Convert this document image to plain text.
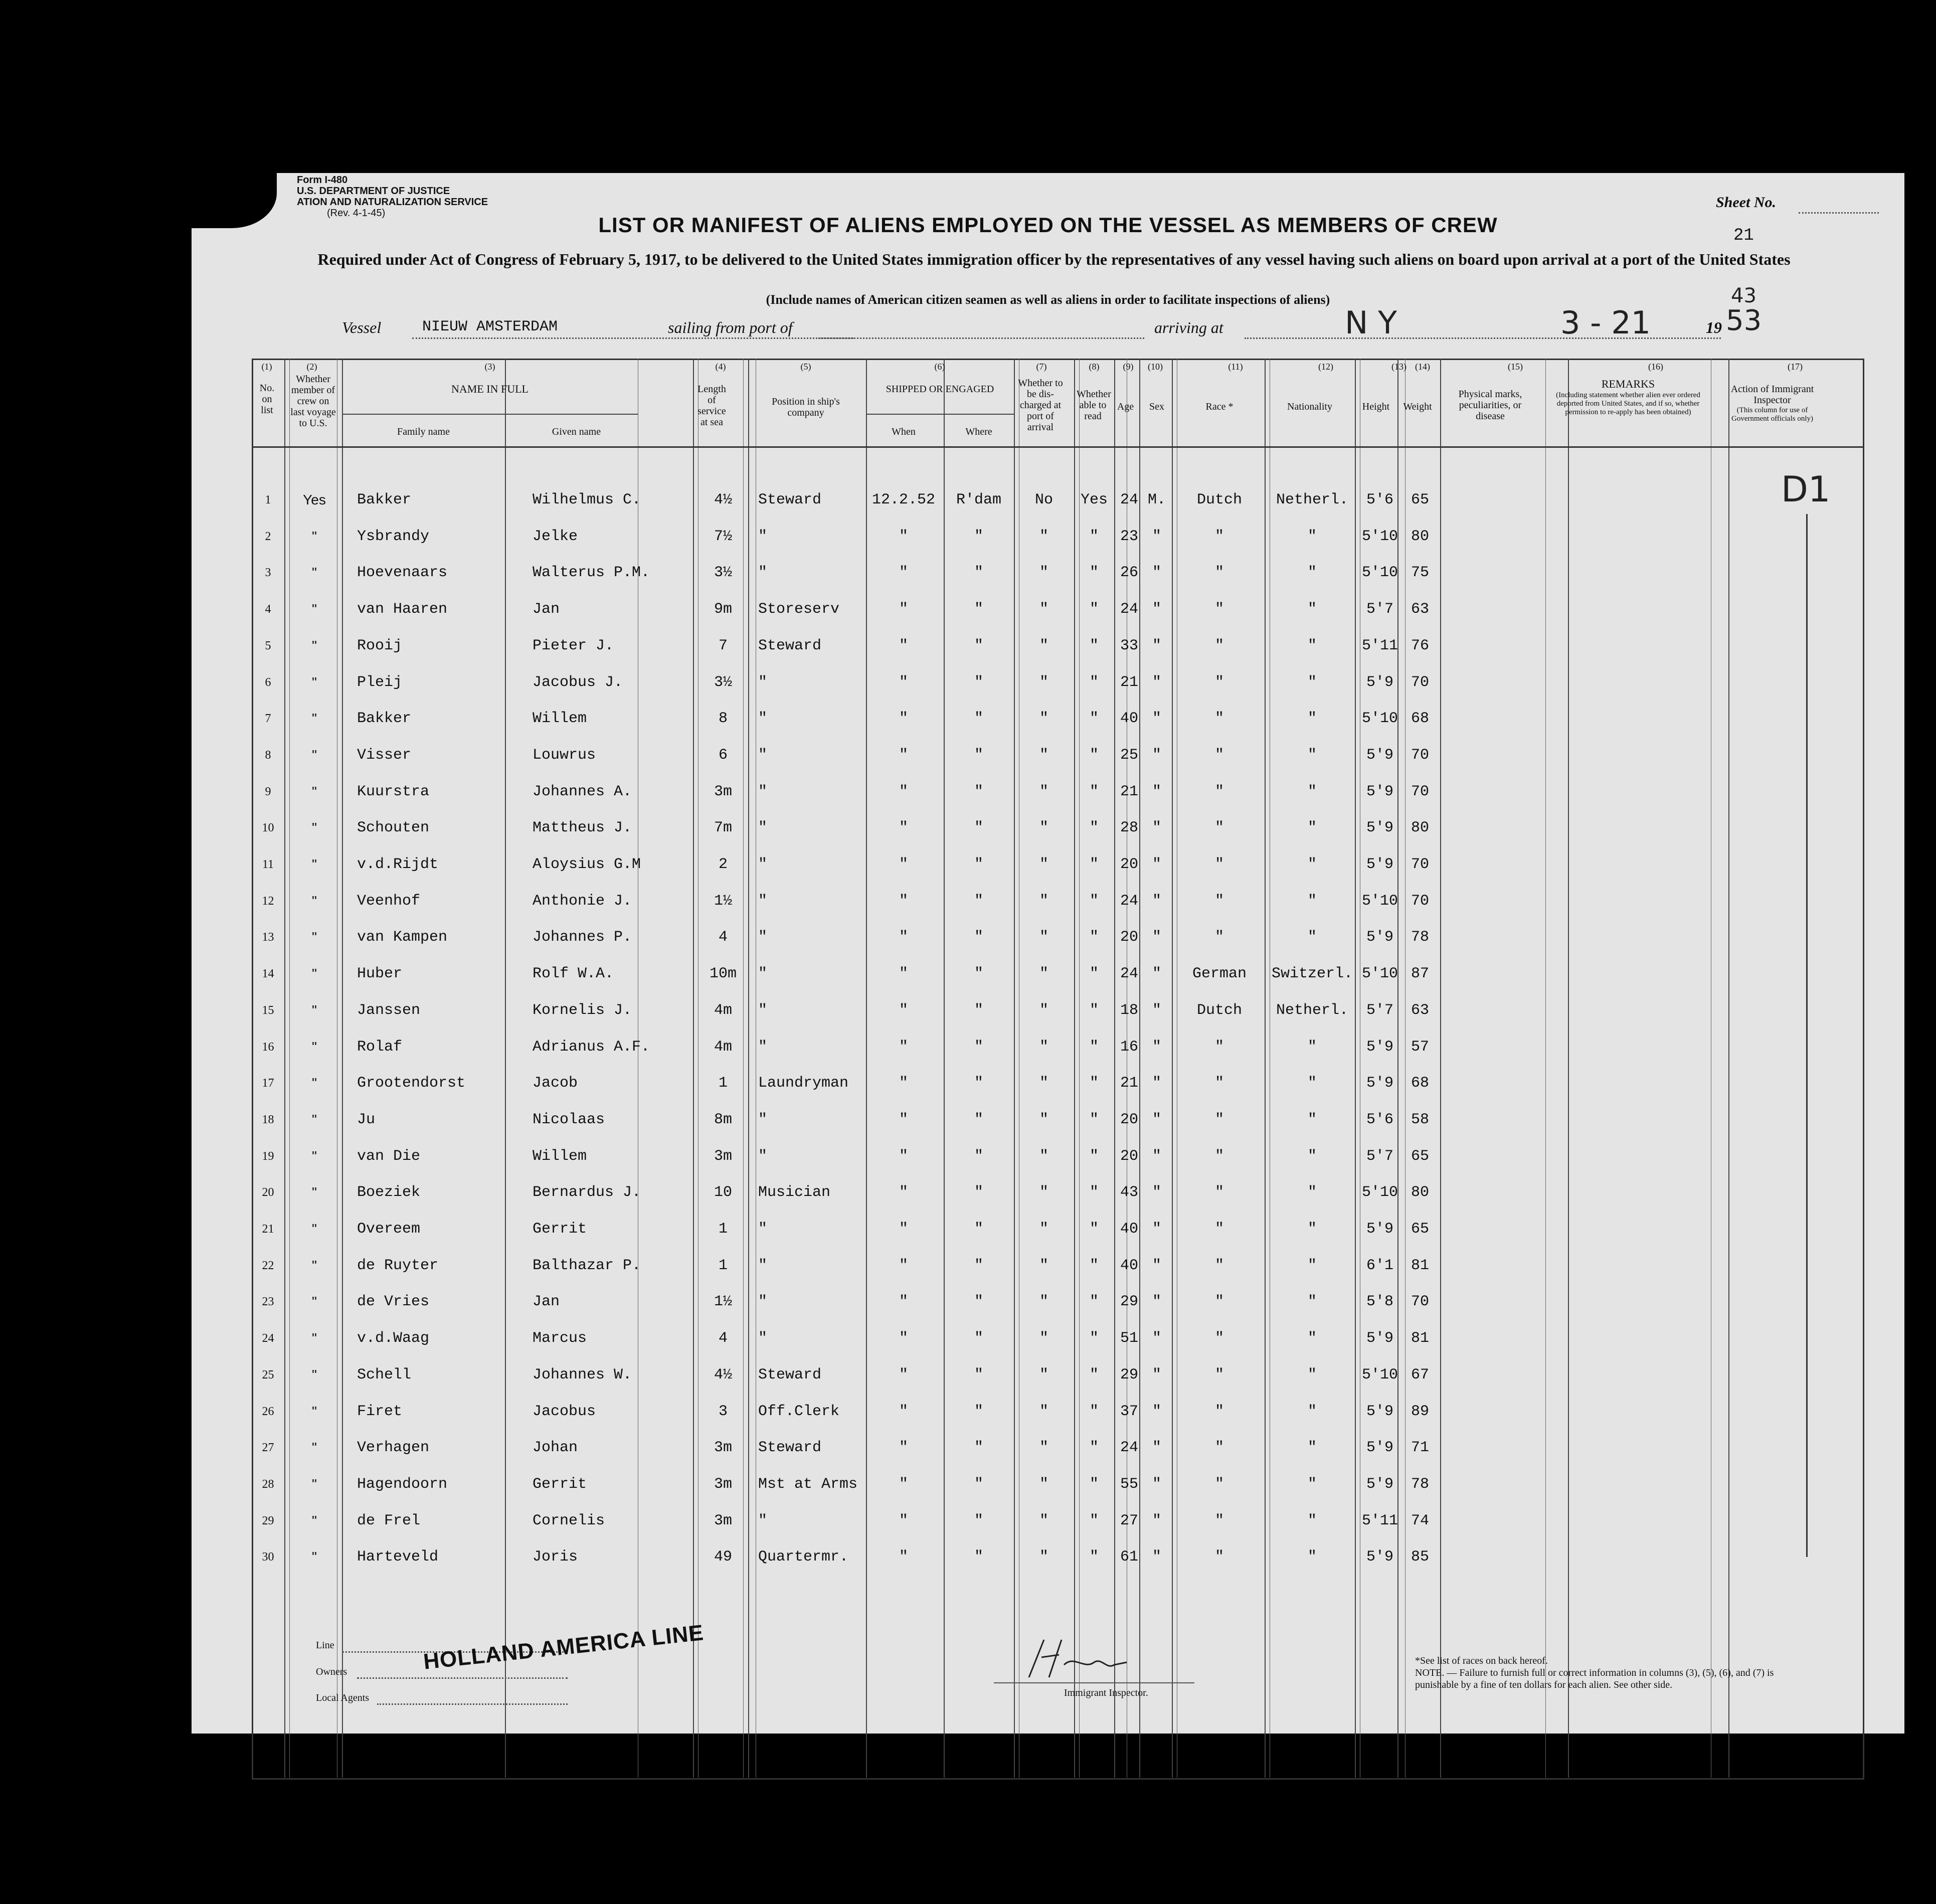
Form I-480
U.S. DEPARTMENT OF JUSTICE
ATION AND NATURALIZATION SERVICE
(Rev. 4-1-45)
Sheet No.
21
43
LIST OR MANIFEST OF ALIENS EMPLOYED ON THE VESSEL AS MEMBERS OF CREW
Required under Act of Congress of February 5, 1917, to be delivered to the United States immigration officer by the representatives of any vessel having such aliens on board upon arrival at a port of the United States
(Include names of American citizen seamen as well as aliens in order to facilitate inspections of aliens)
Vessel	NIEUW AMSTERDAM	sailing from port of	arriving at	N Y	3 - 21	19 53
(1)	(2)	(3)	(4)	(5)	(6)	(7)	(8)	(9)	(10)	(11)	(12)	(13) (14)	(15)	(16)	(17)
No. on list
Whether member of crew on last voyage to U.S.
NAME IN FULL
Family name	Given name
Length of service at sea
Position in ship's company
SHIPPED OR ENGAGED
When	Where
Whether to be dis-charged at port of arrival
Whether able to read
Age	Sex	Race *	Nationality	Height	Weight
Physical marks, peculiarities, or disease
REMARKS
(Including statement whether alien ever ordered deported from United States, and if so, whether permission to re-apply has been obtained)
Action of Immigrant Inspector
(This column for use of Government officials only)
1	Yes	Bakker	Wilhelmus C.	4½	Steward	12.2.52	R'dam	No	Yes 24 M.	Dutch	Netherl.	5'6	65
2	"	Ysbrandy	Jelke	7½	"	"	"	"	"	23 "	"	"	5'10 80
3	"	Hoevenaars	Walterus P.M.	3½	"	"	"	"	"	26 "	"	"	5'10 75
4	"	van Haaren	Jan	9m	Storeserv	"	"	"	"	24 "	"	"	5'7	63
5	"	Rooij	Pieter J.	7	Steward	"	"	"	"	33 "	"	"	5'11 76
6	"	Pleij	Jacobus J.	3½	"	"	"	"	"	21 "	"	"	5'9	70
7	"	Bakker	Willem	8	"	"	"	"	"	40 "	"	"	5'10 68
8	"	Visser	Louwrus	6	"	"	"	"	"	25 "	"	"	5'9	70
9	"	Kuurstra	Johannes A.	3m	"	"	"	"	"	21 "	"	"	5'9	70
10	"	Schouten	Mattheus J.	7m	"	"	"	"	"	28 "	"	"	5'9	80
11	"	v.d.Rijdt	Aloysius G.M	2	"	"	"	"	"	20 "	"	"	5'9	70
12	"	Veenhof	Anthonie J.	1½	"	"	"	"	"	24 "	"	"	5'10 70
13	"	van Kampen	Johannes P.	4	"	"	"	"	"	20 "	"	"	5'9	78
14	"	Huber	Rolf W.A.	10m	"	"	"	"	"	24 "	German	Switzerl. 5'10 87
15	"	Janssen	Kornelis J.	4m	"	"	"	"	"	18 "	Dutch	Netherl.	5'7	63
16	"	Rolaf	Adrianus A.F.	4m	"	"	"	"	"	16 "	"	"	5'9	57
17	"	Grootendorst	Jacob	1	Laundryman	"	"	"	"	21 "	"	"	5'9	68
18	"	Ju	Nicolaas	8m	"	"	"	"	"	20 "	"	"	5'6	58
19	"	van Die	Willem	3m	"	"	"	"	"	20 "	"	"	5'7	65
20	"	Boeziek	Bernardus J.	10	Musician	"	"	"	"	43 "	"	"	5'10 80
21	"	Overeem	Gerrit	1	"	"	"	"	"	40 "	"	"	5'9	65
22	"	de Ruyter	Balthazar P.	1	"	"	"	"	"	40 "	"	"	6'1	81
23	"	de Vries	Jan	1½	"	"	"	"	"	29 "	"	"	5'8	70
24	"	v.d.Waag	Marcus	4	"	"	"	"	"	51 "	"	"	5'9	81
25	"	Schell	Johannes W.	4½	Steward	"	"	"	"	29 "	"	"	5'10 67
26	"	Firet	Jacobus	3	Off.Clerk	"	"	"	"	37 "	"	"	5'9	89
27	"	Verhagen	Johan	3m	Steward	"	"	"	"	24 "	"	"	5'9	71
28	"	Hagendoorn	Gerrit	3m	Mst at Arms	"	"	"	"	55 "	"	"	5'9	78
29	"	de Frel	Cornelis	3m	"	"	"	"	"	27 "	"	"	5'11 74
30	"	Harteveld	Joris	49	Quartermr.	"	"	"	"	61 "	"	"	5'9	85
D1
Line
Owners
Local Agents
HOLLAND AMERICA LINE
Immigrant Inspector.
*See list of races on back hereof.
NOTE. — Failure to furnish full or correct information in columns (3), (5), (6), and (7) is punishable by a fine of ten dollars for each alien. See other side.
